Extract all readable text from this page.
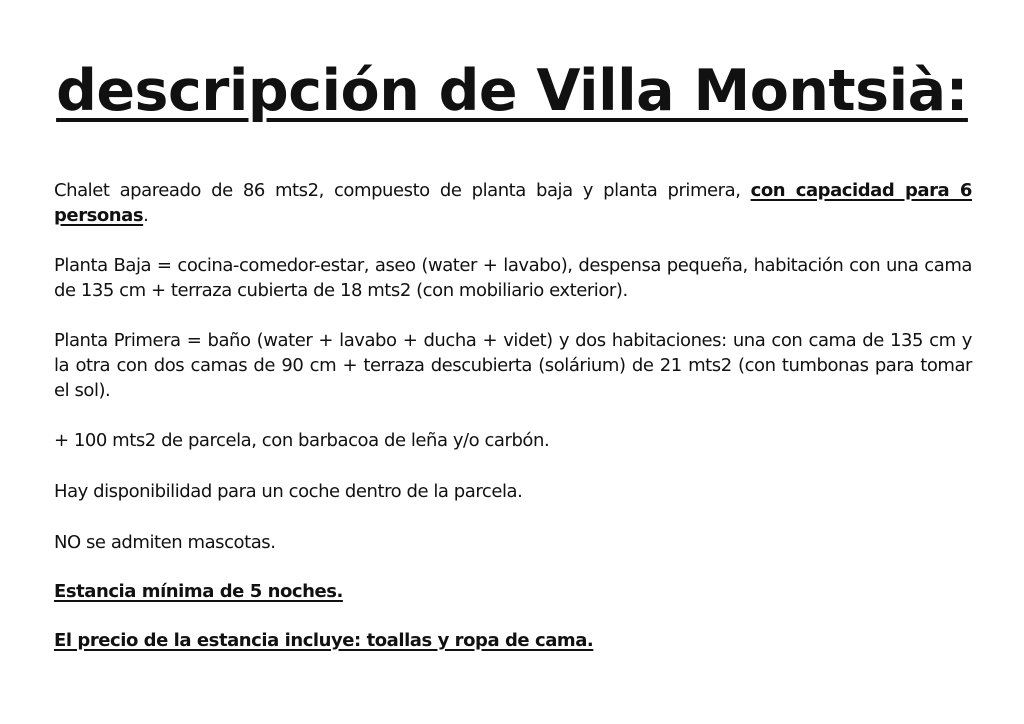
descripción de Villa Montsià:

Chalet apareado de 86 mts2, compuesto de planta baja y planta primera, con capacidad para 6 personas.

Planta Baja = cocina-comedor-estar, aseo (water + lavabo), despensa pequeña, habitación con una cama de 135 cm + terraza cubierta de 18 mts2 (con mobiliario exterior).

Planta Primera = baño (water + lavabo + ducha + videt) y dos habitaciones: una con cama de 135 cm y la otra con dos camas de 90 cm + terraza descubierta (solárium) de 21 mts2 (con tumbonas para tomar el sol).

+ 100 mts2 de parcela, con barbacoa de leña y/o carbón.

Hay disponibilidad para un coche dentro de la parcela.

NO se admiten mascotas.

Estancia mínima de 5 noches.

El precio de la estancia incluye: toallas y ropa de cama.
